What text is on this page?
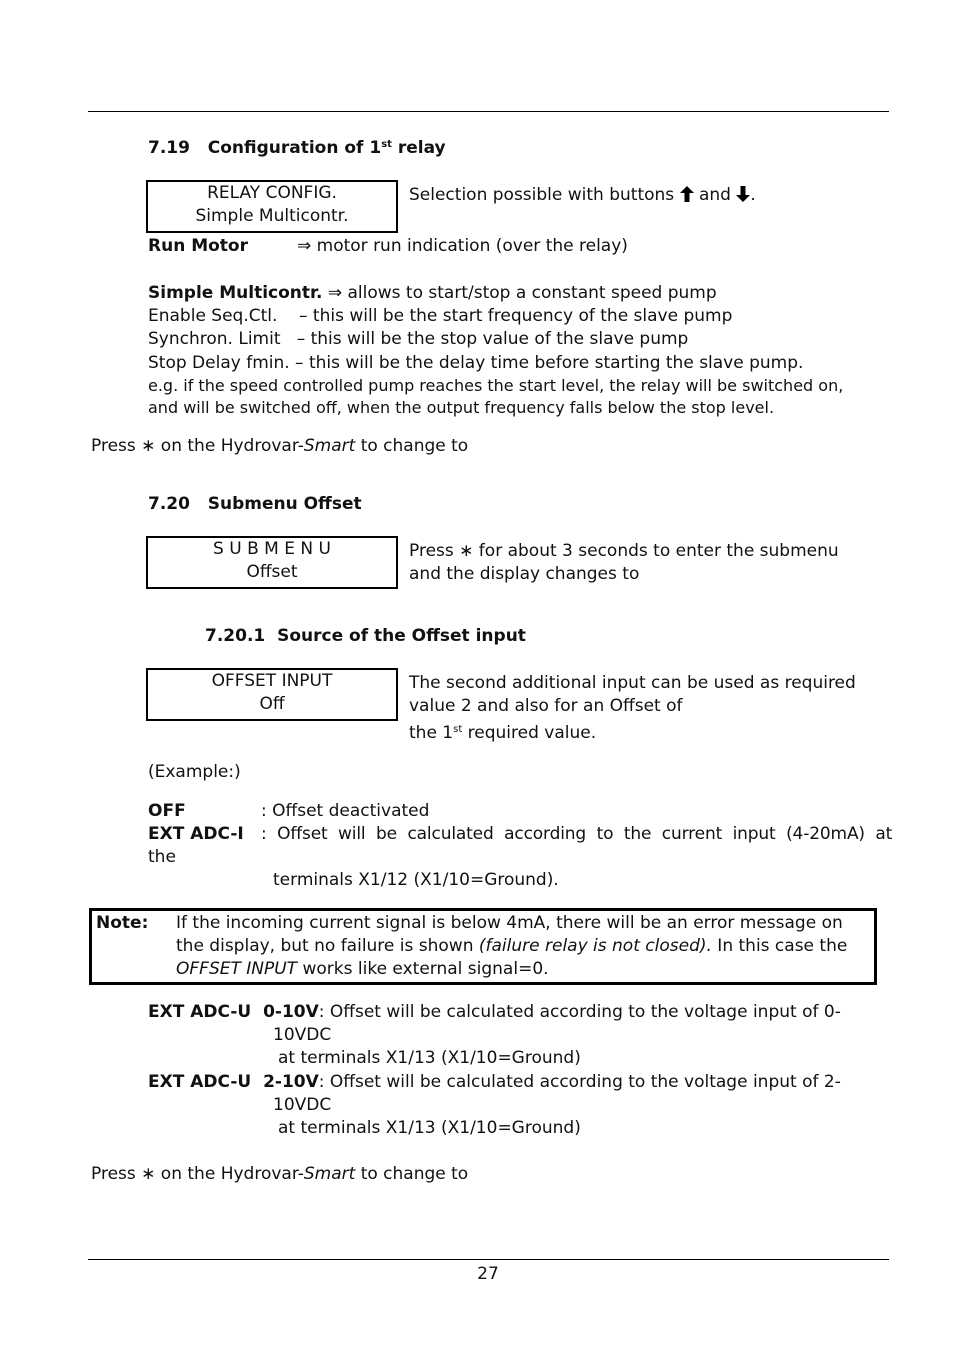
7.19 Configuration of 1st relay
RELAY CONFIG.
Simple Multicontr.
Selection possible with buttons  and .
Run Motor	⇒ motor run indication (over the relay)
Simple Multicontr. ⇒ allows to start/stop a constant speed pump
Enable Seq.Ctl.    – this will be the start frequency of the slave pump
Synchron. Limit   – this will be the stop value of the slave pump
Stop Delay fmin. – this will be the delay time before starting the slave pump.
e.g. if the speed controlled pump reaches the start level, the relay will be switched on,
and will be switched off, when the output frequency falls below the stop level.
Press ∗ on the Hydrovar-Smart to change to
7.20 Submenu Offset
S U B M E N U
Offset
Press ∗ for about 3 seconds to enter the submenu
and the display changes to
7.20.1 Source of the Offset input
OFFSET INPUT
Off
The second additional input can be used as required
value 2 and also for an Offset of
the 1st required value.
(Example:)
OFF	: Offset deactivated
EXT ADC-I :  Offset  will  be  calculated  according  to  the  current  input  (4-20mA)  at
the
terminals X1/12 (X1/10=Ground).
Note: If the incoming current signal is below 4mA, there will be an error message on
the display, but no failure is shown (failure relay is not closed). In this case the
OFFSET INPUT works like external signal=0.
EXT ADC-U  0-10V: Offset will be calculated according to the voltage input of 0-
10VDC
at terminals X1/13 (X1/10=Ground)
EXT ADC-U  2-10V: Offset will be calculated according to the voltage input of 2-
10VDC
at terminals X1/13 (X1/10=Ground)
Press ∗ on the Hydrovar-Smart to change to
27
